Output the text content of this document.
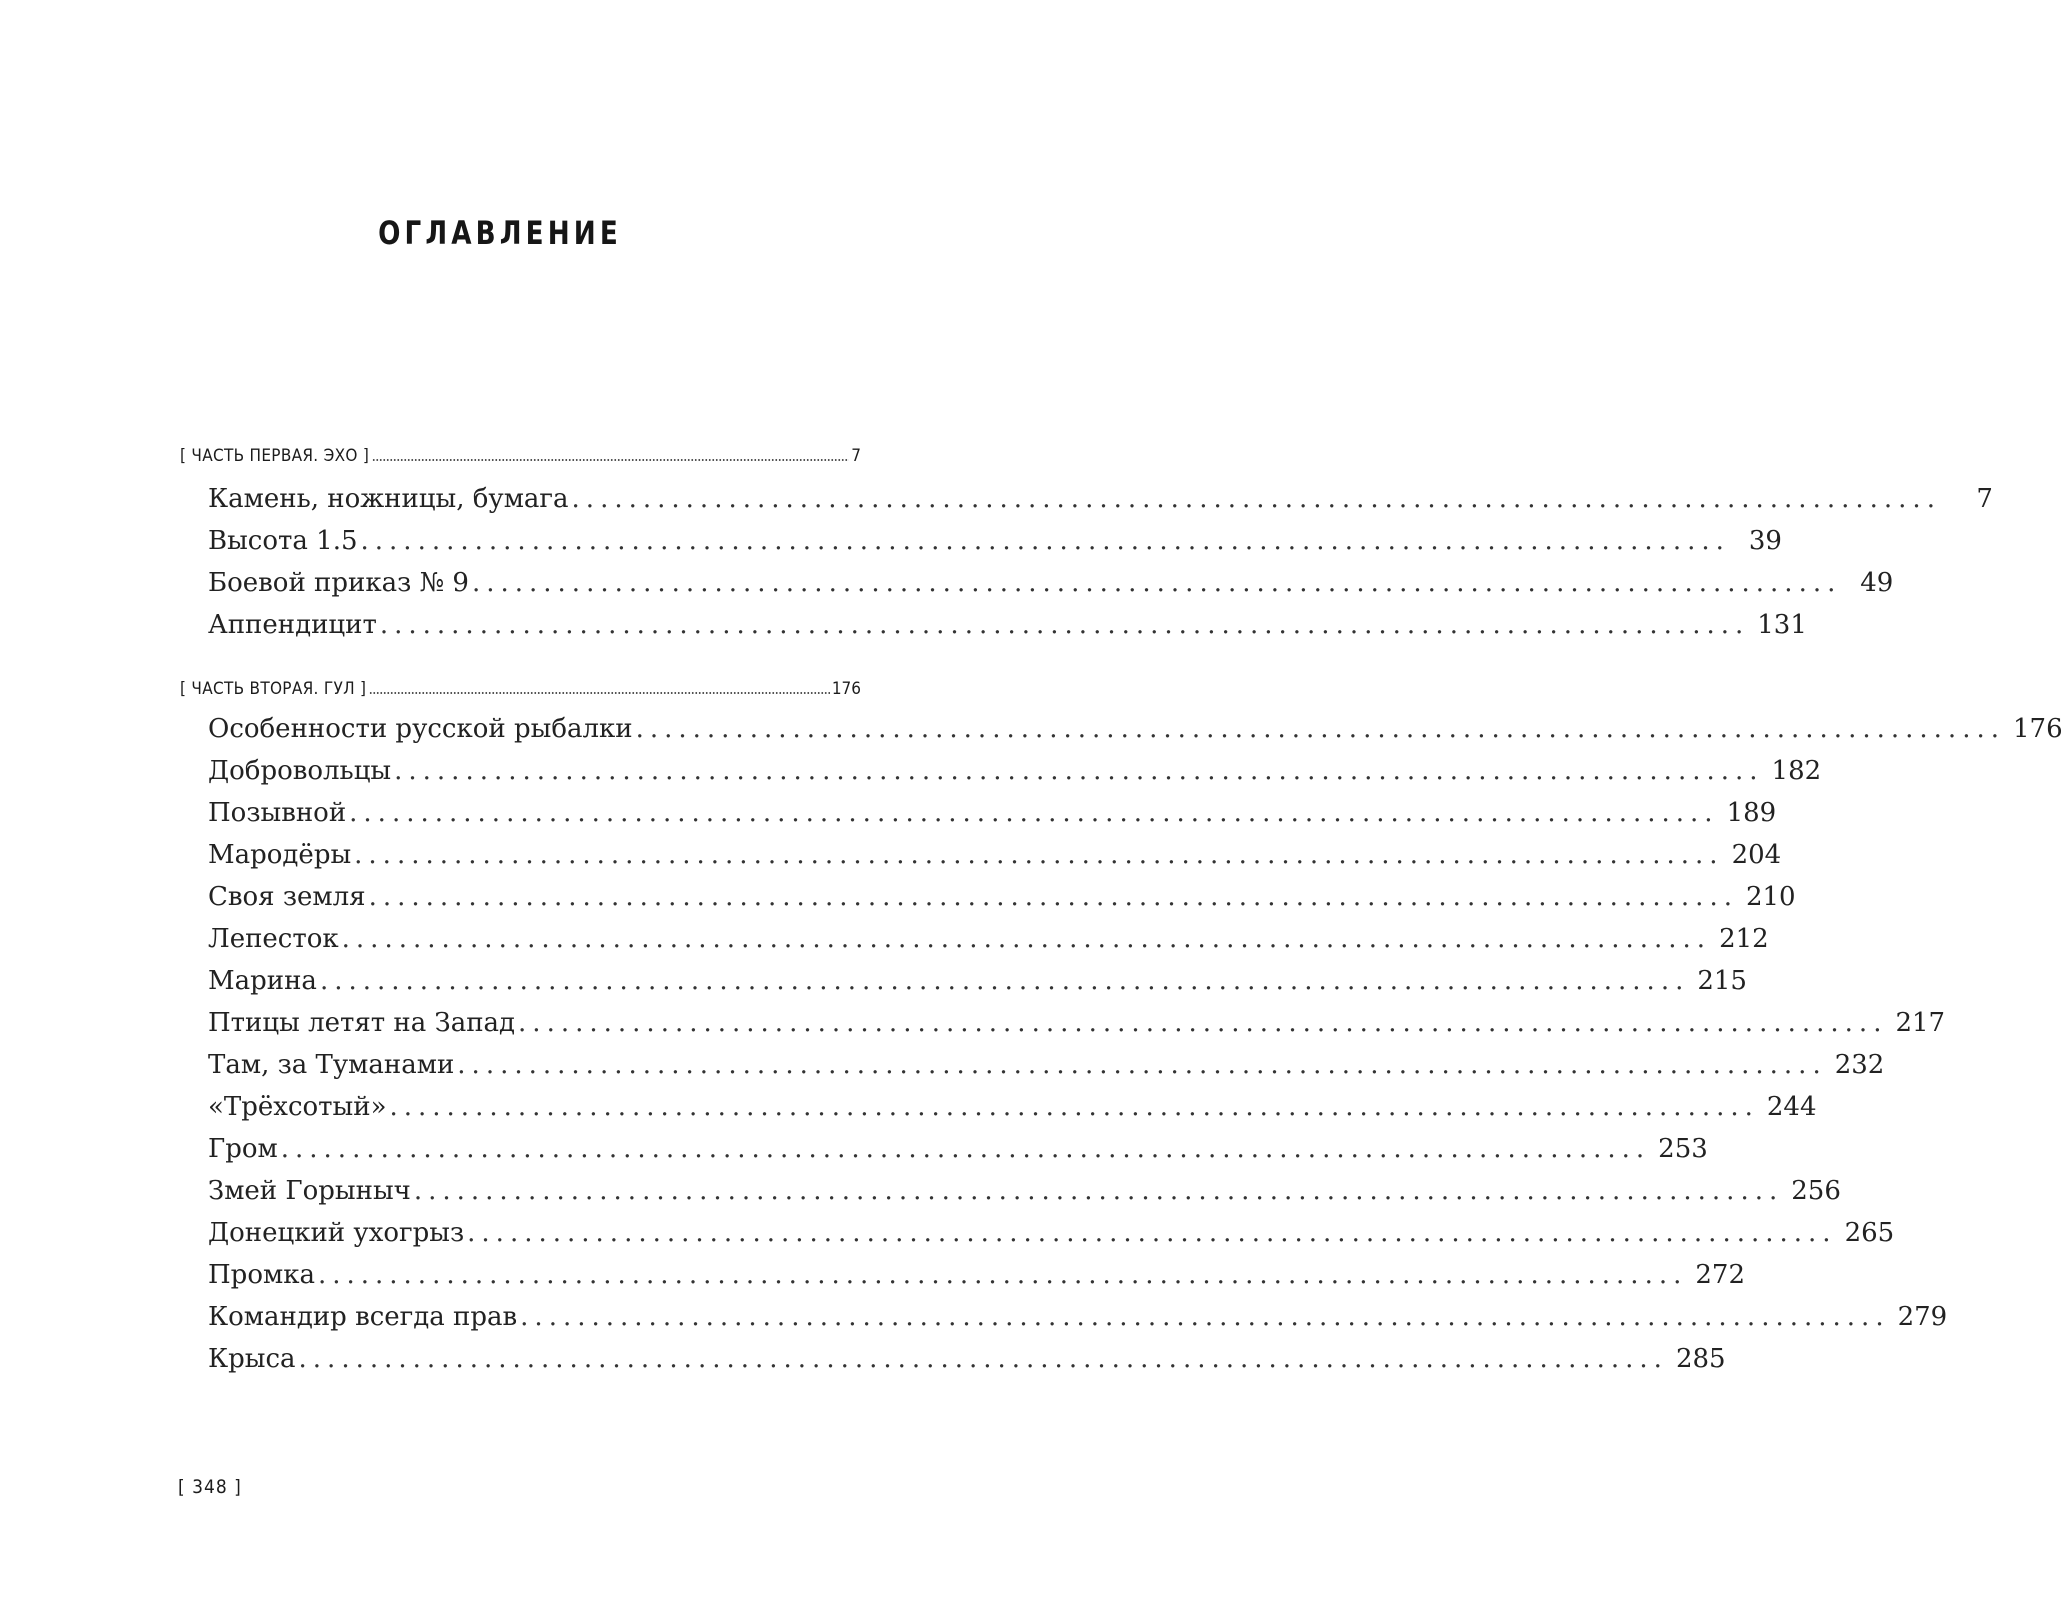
ОГЛАВЛЕНИЕ
[ ЧАСТЬ ПЕРВАЯ. ЭХО ]	7
Камень, ножницы, бумага ................................................................................................	7
Высота 1.5 ................................................................................................ 39
Боевой приказ № 9 ................................................................................................ 49
Аппендицит ................................................................................................ 131
[ ЧАСТЬ ВТОРАЯ. ГУЛ ]	176
Особенности русской рыбалки ................................................................................................ 176
Добровольцы ................................................................................................ 182
Позывной ................................................................................................ 189
Мародёры ................................................................................................ 204
Своя земля ................................................................................................ 210
Лепесток ................................................................................................ 212
Марина ................................................................................................ 215
Птицы летят на Запад ................................................................................................ 217
Там, за Туманами ................................................................................................ 232
«Трёхсотый» ................................................................................................ 244
Гром ................................................................................................ 253
Змей Горыныч ................................................................................................ 256
Донецкий ухогрыз ................................................................................................ 265
Промка ................................................................................................ 272
Командир всегда прав ................................................................................................ 279
Крыса ................................................................................................ 285
[ 348 ]
